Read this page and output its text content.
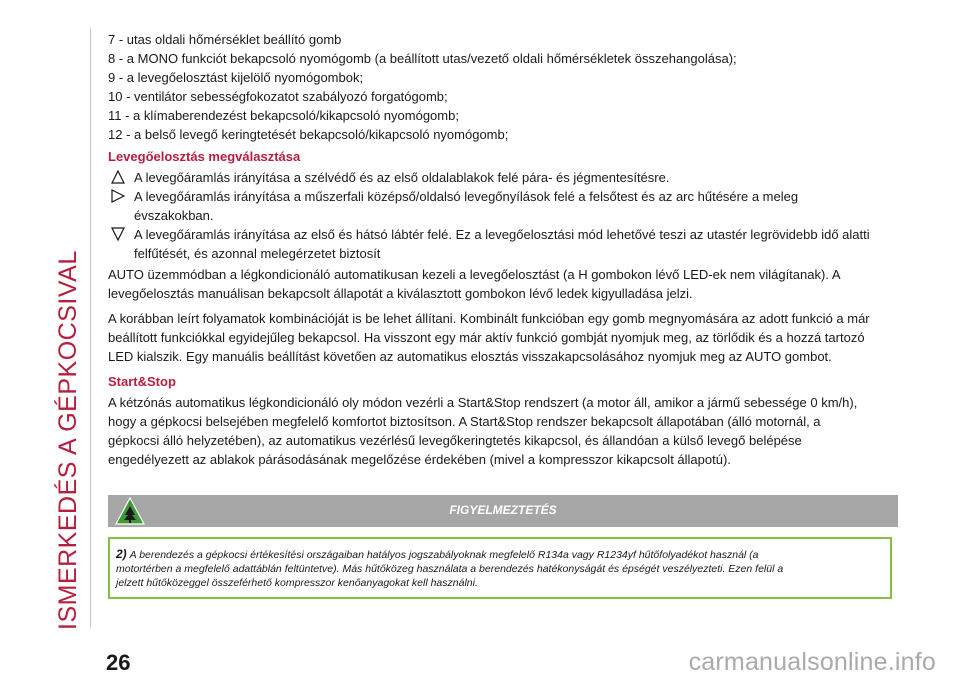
ISMERKEDÉS A GÉPKOCSIVAL

7 - utas oldali hőmérséklet beállító gomb

8 - a MONO funkciót bekapcsoló nyomógomb (a beállított utas/vezető oldali hőmérsékletek összehangolása);

9 - a levegőelosztást kijelölő nyomógombok;

10 - ventilátor sebességfokozatot szabályozó forgatógomb;

11 - a klímaberendezést bekapcsoló/kikapcsoló nyomógomb;

12 - a belső levegő keringtetését bekapcsoló/kikapcsoló nyomógomb;

Levegőelosztás megválasztása

A levegőáramlás irányítása a szélvédő és az első oldalablakok felé pára- és jégmentesítésre.

A levegőáramlás irányítása a műszerfali középső/oldalsó levegőnyílások felé a felsőtest és az arc hűtésére a meleg

évszakokban.

A levegőáramlás irányítása az első és hátsó lábtér felé. Ez a levegőelosztási mód lehetővé teszi az utastér legrövidebb idő alatti

felfűtését, és azonnal melegérzetet biztosít

AUTO üzemmódban a légkondicionáló automatikusan kezeli a levegőelosztást (a H gombokon lévő LED-ek nem világítanak). A

levegőelosztás manuálisan bekapcsolt állapotát a kiválasztott gombokon lévő ledek kigyulladása jelzi.

A korábban leírt folyamatok kombinációját is be lehet állítani. Kombinált funkcióban egy gomb megnyomására az adott funkció a már

beállított funkciókkal egyidejűleg bekapcsol. Ha visszont egy már aktív funkció gombját nyomjuk meg, az törlődik és a hozzá tartozó

LED kialszik. Egy manuális beállítást követően az automatikus elosztás visszakapcsolásához nyomjuk meg az AUTO gombot.

Start&Stop

A kétzónás automatikus légkondicionáló oly módon vezérli a Start&Stop rendszert (a motor áll, amikor a jármű sebessége 0 km/h),

hogy a gépkocsi belsejében megfelelő komfortot biztosítson. A Start&Stop rendszer bekapcsolt állapotában (álló motornál, a

gépkocsi álló helyzetében), az automatikus vezérlésű levegőkeringtetés kikapcsol, és állandóan a külső levegő belépése

engedélyezett az ablakok párásodásának megelőzése érdekében (mivel a kompresszor kikapcsolt állapotú).

FIGYELMEZTETÉS
2) A berendezés a gépkocsi értékesítési országaiban hatályos jogszabályoknak megfelelő R134a vagy R1234yf hűtőfolyadékot használ (a
motortérben a megfelelő adattáblán feltüntetve). Más hűtőközeg használata a berendezés hatékonyságát és épségét veszélyezteti. Ezen felül a
jelzett hűtőközeggel összeférhető kompresszor kenőanyagokat kell használni.
26	carmanualsonline.info
